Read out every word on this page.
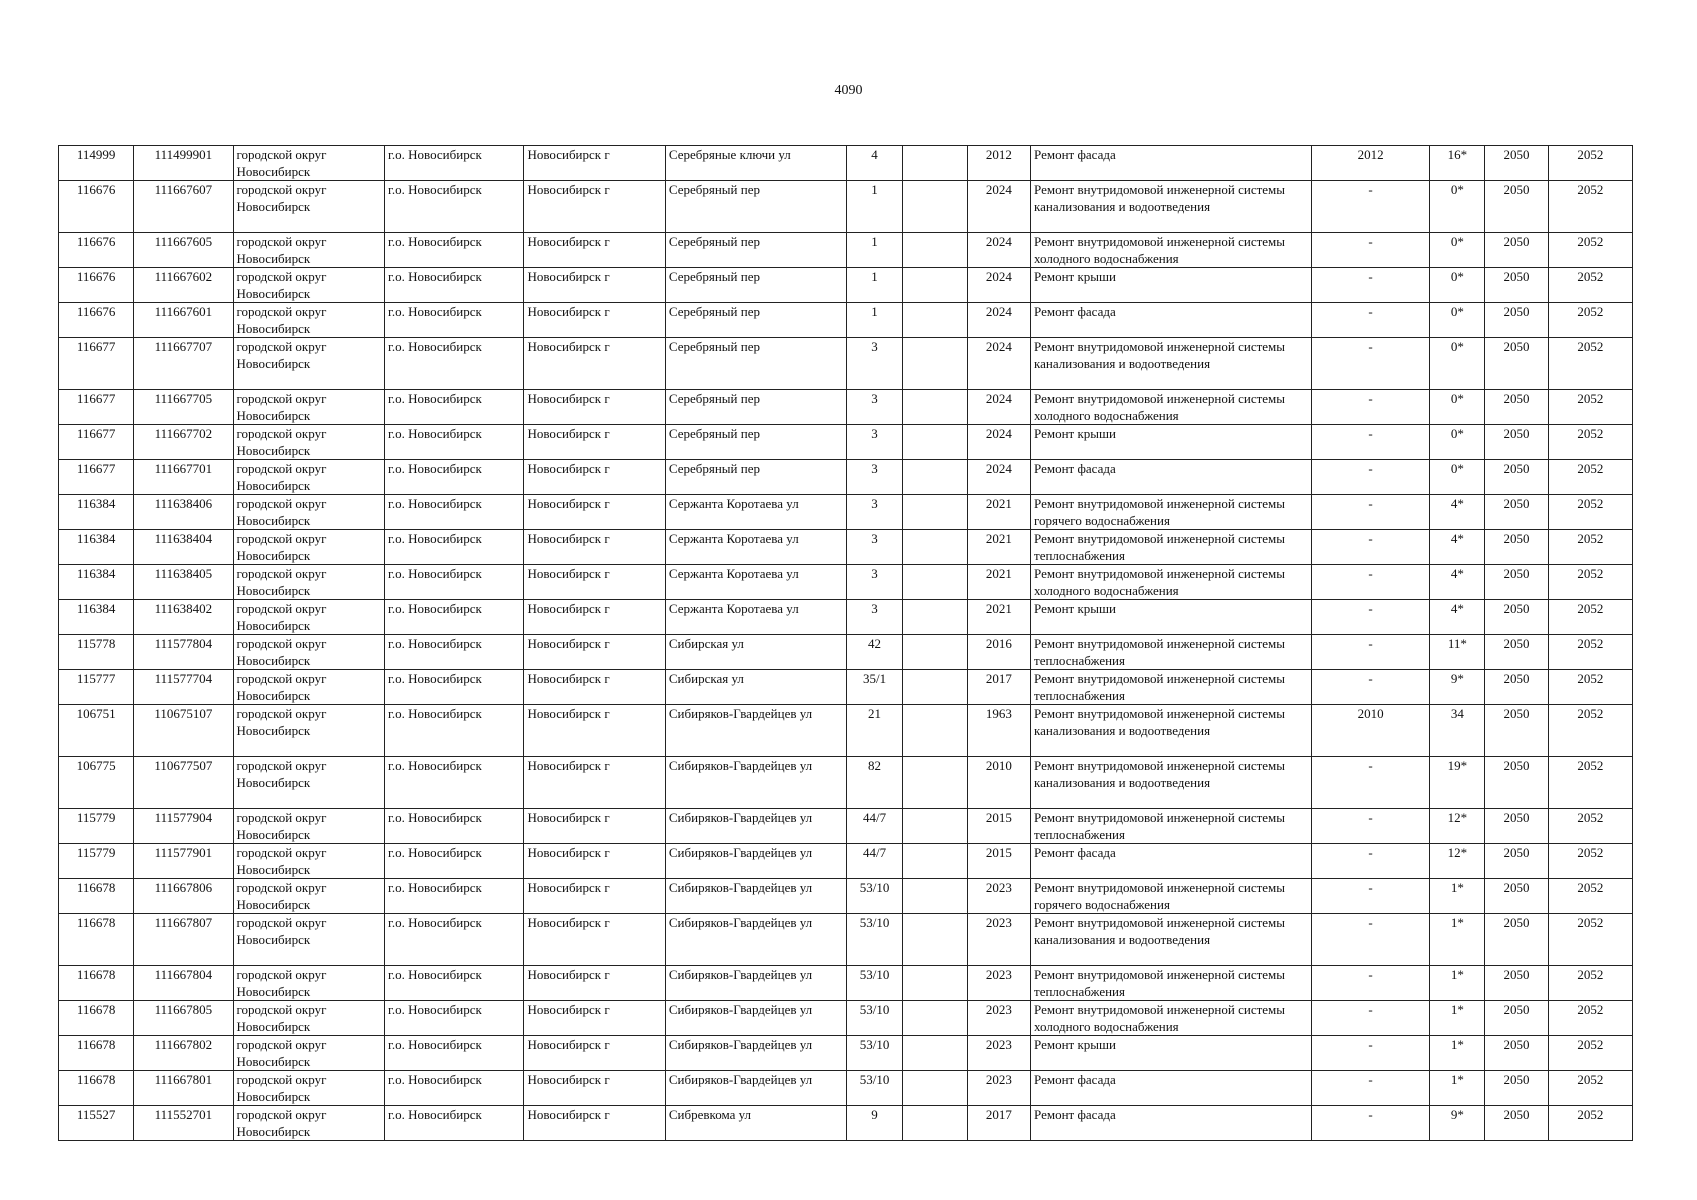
4090
114999	111499901	городской округ Новосибирск	г.о. Новосибирск	Новосибирск г	Серебряные ключи ул	4		2012	Ремонт фасада	2012	16*	2050	2052
116676	111667607	городской округ Новосибирск	г.о. Новосибирск	Новосибирск г	Серебряный пер	1		2024	Ремонт внутридомовой инженерной системы канализования и водоотведения	-	0*	2050	2052
116676	111667605	городской округ Новосибирск	г.о. Новосибирск	Новосибирск г	Серебряный пер	1		2024	Ремонт внутридомовой инженерной системы холодного водоснабжения	-	0*	2050	2052
116676	111667602	городской округ Новосибирск	г.о. Новосибирск	Новосибирск г	Серебряный пер	1		2024	Ремонт крыши	-	0*	2050	2052
116676	111667601	городской округ Новосибирск	г.о. Новосибирск	Новосибирск г	Серебряный пер	1		2024	Ремонт фасада	-	0*	2050	2052
116677	111667707	городской округ Новосибирск	г.о. Новосибирск	Новосибирск г	Серебряный пер	3		2024	Ремонт внутридомовой инженерной системы канализования и водоотведения	-	0*	2050	2052
116677	111667705	городской округ Новосибирск	г.о. Новосибирск	Новосибирск г	Серебряный пер	3		2024	Ремонт внутридомовой инженерной системы холодного водоснабжения	-	0*	2050	2052
116677	111667702	городской округ Новосибирск	г.о. Новосибирск	Новосибирск г	Серебряный пер	3		2024	Ремонт крыши	-	0*	2050	2052
116677	111667701	городской округ Новосибирск	г.о. Новосибирск	Новосибирск г	Серебряный пер	3		2024	Ремонт фасада	-	0*	2050	2052
116384	111638406	городской округ Новосибирск	г.о. Новосибирск	Новосибирск г	Сержанта Коротаева ул	3		2021	Ремонт внутридомовой инженерной системы горячего водоснабжения	-	4*	2050	2052
116384	111638404	городской округ Новосибирск	г.о. Новосибирск	Новосибирск г	Сержанта Коротаева ул	3		2021	Ремонт внутридомовой инженерной системы теплоснабжения	-	4*	2050	2052
116384	111638405	городской округ Новосибирск	г.о. Новосибирск	Новосибирск г	Сержанта Коротаева ул	3		2021	Ремонт внутридомовой инженерной системы холодного водоснабжения	-	4*	2050	2052
116384	111638402	городской округ Новосибирск	г.о. Новосибирск	Новосибирск г	Сержанта Коротаева ул	3		2021	Ремонт крыши	-	4*	2050	2052
115778	111577804	городской округ Новосибирск	г.о. Новосибирск	Новосибирск г	Сибирская ул	42		2016	Ремонт внутридомовой инженерной системы теплоснабжения	-	11*	2050	2052
115777	111577704	городской округ Новосибирск	г.о. Новосибирск	Новосибирск г	Сибирская ул	35/1		2017	Ремонт внутридомовой инженерной системы теплоснабжения	-	9*	2050	2052
106751	110675107	городской округ Новосибирск	г.о. Новосибирск	Новосибирск г	Сибиряков-Гвардейцев ул	21		1963	Ремонт внутридомовой инженерной системы канализования и водоотведения	2010	34	2050	2052
106775	110677507	городской округ Новосибирск	г.о. Новосибирск	Новосибирск г	Сибиряков-Гвардейцев ул	82		2010	Ремонт внутридомовой инженерной системы канализования и водоотведения	-	19*	2050	2052
115779	111577904	городской округ Новосибирск	г.о. Новосибирск	Новосибирск г	Сибиряков-Гвардейцев ул	44/7		2015	Ремонт внутридомовой инженерной системы теплоснабжения	-	12*	2050	2052
115779	111577901	городской округ Новосибирск	г.о. Новосибирск	Новосибирск г	Сибиряков-Гвардейцев ул	44/7		2015	Ремонт фасада	-	12*	2050	2052
116678	111667806	городской округ Новосибирск	г.о. Новосибирск	Новосибирск г	Сибиряков-Гвардейцев ул	53/10		2023	Ремонт внутридомовой инженерной системы горячего водоснабжения	-	1*	2050	2052
116678	111667807	городской округ Новосибирск	г.о. Новосибирск	Новосибирск г	Сибиряков-Гвардейцев ул	53/10		2023	Ремонт внутридомовой инженерной системы канализования и водоотведения	-	1*	2050	2052
116678	111667804	городской округ Новосибирск	г.о. Новосибирск	Новосибирск г	Сибиряков-Гвардейцев ул	53/10		2023	Ремонт внутридомовой инженерной системы теплоснабжения	-	1*	2050	2052
116678	111667805	городской округ Новосибирск	г.о. Новосибирск	Новосибирск г	Сибиряков-Гвардейцев ул	53/10		2023	Ремонт внутридомовой инженерной системы холодного водоснабжения	-	1*	2050	2052
116678	111667802	городской округ Новосибирск	г.о. Новосибирск	Новосибирск г	Сибиряков-Гвардейцев ул	53/10		2023	Ремонт крыши	-	1*	2050	2052
116678	111667801	городской округ Новосибирск	г.о. Новосибирск	Новосибирск г	Сибиряков-Гвардейцев ул	53/10		2023	Ремонт фасада	-	1*	2050	2052
115527	111552701	городской округ Новосибирск	г.о. Новосибирск	Новосибирск г	Сибревкома ул	9		2017	Ремонт фасада	-	9*	2050	2052
